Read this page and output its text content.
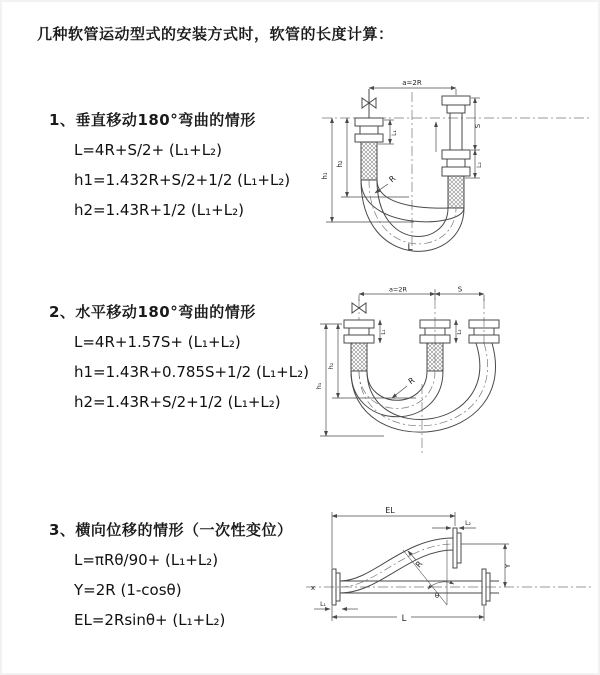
几种软管运动型式的安装方式时，软管的长度计算：
1、垂直移动180°弯曲的情形
L=4R+S/2+ (L₁+L₂)
h1=1.432R+S/2+1/2 (L₁+L₂)
h2=1.43R+1/2 (L₁+L₂)
2、水平移动180°弯曲的情形
L=4R+1.57S+ (L₁+L₂)
h1=1.43R+0.785S+1/2 (L₁+L₂)
h2=1.43R+S/2+1/2 (L₁+L₂)
3、横向位移的情形（一次性变位）
L=πRθ/90+ (L₁+L₂)
Y=2R (1-cosθ)
EL=2Rsinθ+ (L₁+L₂)
a=2R
S
L₂
L₁
h₁
h₂
R
L
a=2R	S
L₁	L₂
h₁
h₂
R
EL
L₂
Y
θ
R
L
L₁
x
